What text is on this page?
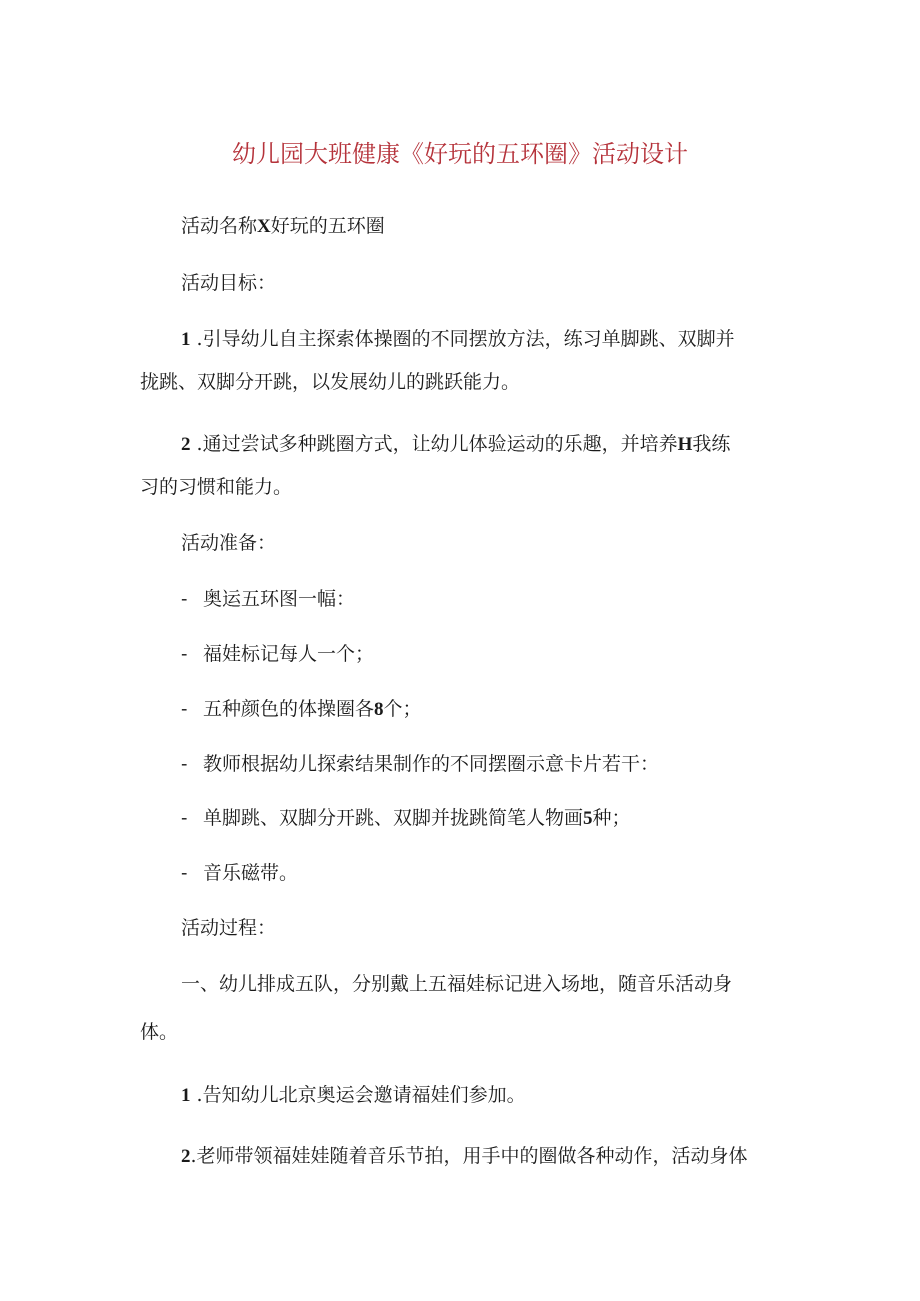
幼儿园大班健康《好玩的五环圈》活动设计
活动名称X好玩的五环圈
活动目标：
1 .引导幼儿自主探索体操圈的不同摆放方法，练习单脚跳、双脚并
拢跳、双脚分开跳，以发展幼儿的跳跃能力。
2 .通过尝试多种跳圈方式，让幼儿体验运动的乐趣，并培养H我练
习的习惯和能力。
活动准备：
- 奥运五环图一幅：
- 福娃标记每人一个；
- 五种颜色的体操圈各8个；
- 教师根据幼儿探索结果制作的不同摆圈示意卡片若干：
- 单脚跳、双脚分开跳、双脚并拢跳简笔人物画5种；
- 音乐磁带。
活动过程：
一、幼儿排成五队，分别戴上五福娃标记进入场地，随音乐活动身
体。
1 .告知幼儿北京奥运会邀请福娃们参加。
2.老师带领福娃娃随着音乐节拍，用手中的圈做各种动作，活动身体
